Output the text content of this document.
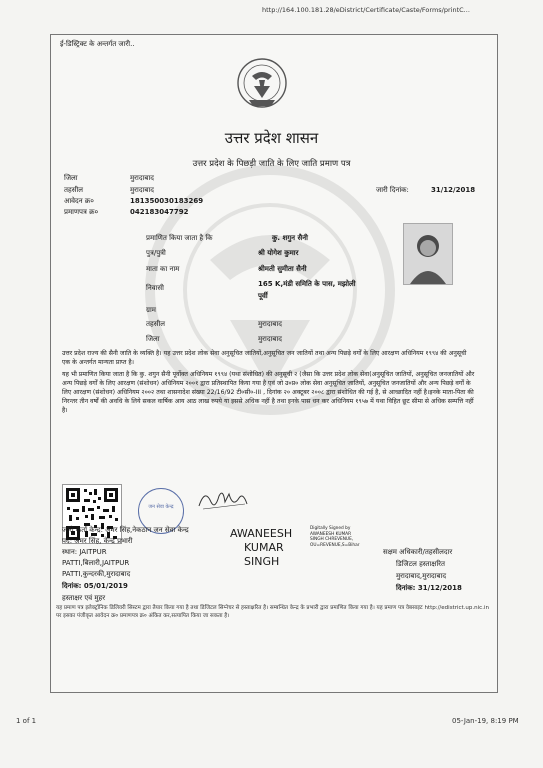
http://164.100.181.28/eDistrict/Certificate/Caste/Forms/printC...
ई-डिस्ट्रिक्ट के अन्तर्गत जारी..
उत्तर प्रदेश शासन
उत्तर प्रदेश के पिछड़ी जाति के लिए जाति प्रमाण पत्र
जिला	मुरादाबाद
तहसील	मुरादाबाद
आवेदन क्र०	181350030183269
प्रमाणपत्र क्र०	042183047792
जारी दिनांक:	31/12/2018
प्रमाणित किया जाता है कि	कु. शगुन सैनी
पुत्र/पुत्री	श्री योगेश कुमार
माता का नाम	श्रीमती सुमीता सैनी
निवासी	165 K,मंडी समिति के पास, मझोली
पूर्वी
ग्राम
तहसील	मुरादाबाद
जिला	मुरादाबाद
उत्तर प्रदेश राज्य की सैनी जाति के व्यक्ति है। यह उत्तर प्रदेश लोक सेवा अनुसूचित जातियों,अनुसूचित जन जातियों तथा अन्य पिछड़े वर्गों के लिए आरक्षण अधिनियम १९९४ की अनुसूची एक के अन्तर्गत मान्यता प्राप्त है।
यह भी प्रमाणित किया जाता है कि कु. शगुन सैनी पूर्वोक्त अधिनियम १९९४ (यथा संशोधित) की अनुसूची २ (जैसा कि उत्तर प्रदेश लोक सेवा(अनुसूचित जातियों, अनुसूचित जनजातियों और अन्य पिछड़े वर्गों के लिए आरक्षण (संशोधन) अधिनियम २००१ द्वारा प्रतिस्थापित किया गया है एवं जो उ०प्र० लोक सेवा अनुसूचित जातियों, अनुसूचित जनजातियों और अन्य पिछड़े वर्गों के लिए आरक्षण (संशोधन) अधिनियम २००२ तथा शासनादेश संख्या 22/16/92 टी०सी०-III , दिनांक २० अक्टूबर २००८ द्वारा संशोधित की गई है, से आच्छादित नहीं है।इनके माता-पिता की निरन्तर तीन वर्षों की अवधि के लिये सकल वार्षिक आय आठ लाख रुपये या इससे अधिक नहीं है तथा इनके पास धन कर अधिनियम १९५७ में यथा विहित छूट सीमा से अधिक सम्पत्ति नहीं है।
जन सेवा केन्द्र
जारी कर्ता केन्द्र: अमर सिंह,नेकठान जन सेवा केन्द्र
पद: अमर सिंह, केन्द्र प्रभारी
स्थान: JAITPUR
PATTI,बिलारी,JAITPUR
PATTI,कुन्दरकी,मुरादाबाद
दिनांक: 05/01/2019
हस्ताक्षर एवं मुहर
AWANEESH
KUMAR
SINGH
Digitally Signed by
AWANEESH KUMAR
SINGH CHREVENUE,
OU=REVENUE,S=Bihar
सक्षम अधिकारी/तहसीलदार
डिजिटल हस्ताक्षरित
मुरादाबाद,मुरादाबाद
दिनांक: 31/12/2018
यह प्रमाण पत्र इलेक्ट्रॉनिक डिलिवरी सिस्टम द्वारा तैयार किया गया है तथा डिजिटल सिग्नेचर से हस्ताक्षरित है। सम्बन्धित केन्द्र के प्रभारी द्वारा प्रमाणित किया गया है। यह प्रमाण पत्र वेबसाइट http://edistrict.up.nic.in पर इसका पंजीकृत आवेदन क्र० प्रमाणपत्र क्र० अंकित कर,सत्यापित किया जा सकता है।
1 of 1	05-Jan-19, 8:19 PM
